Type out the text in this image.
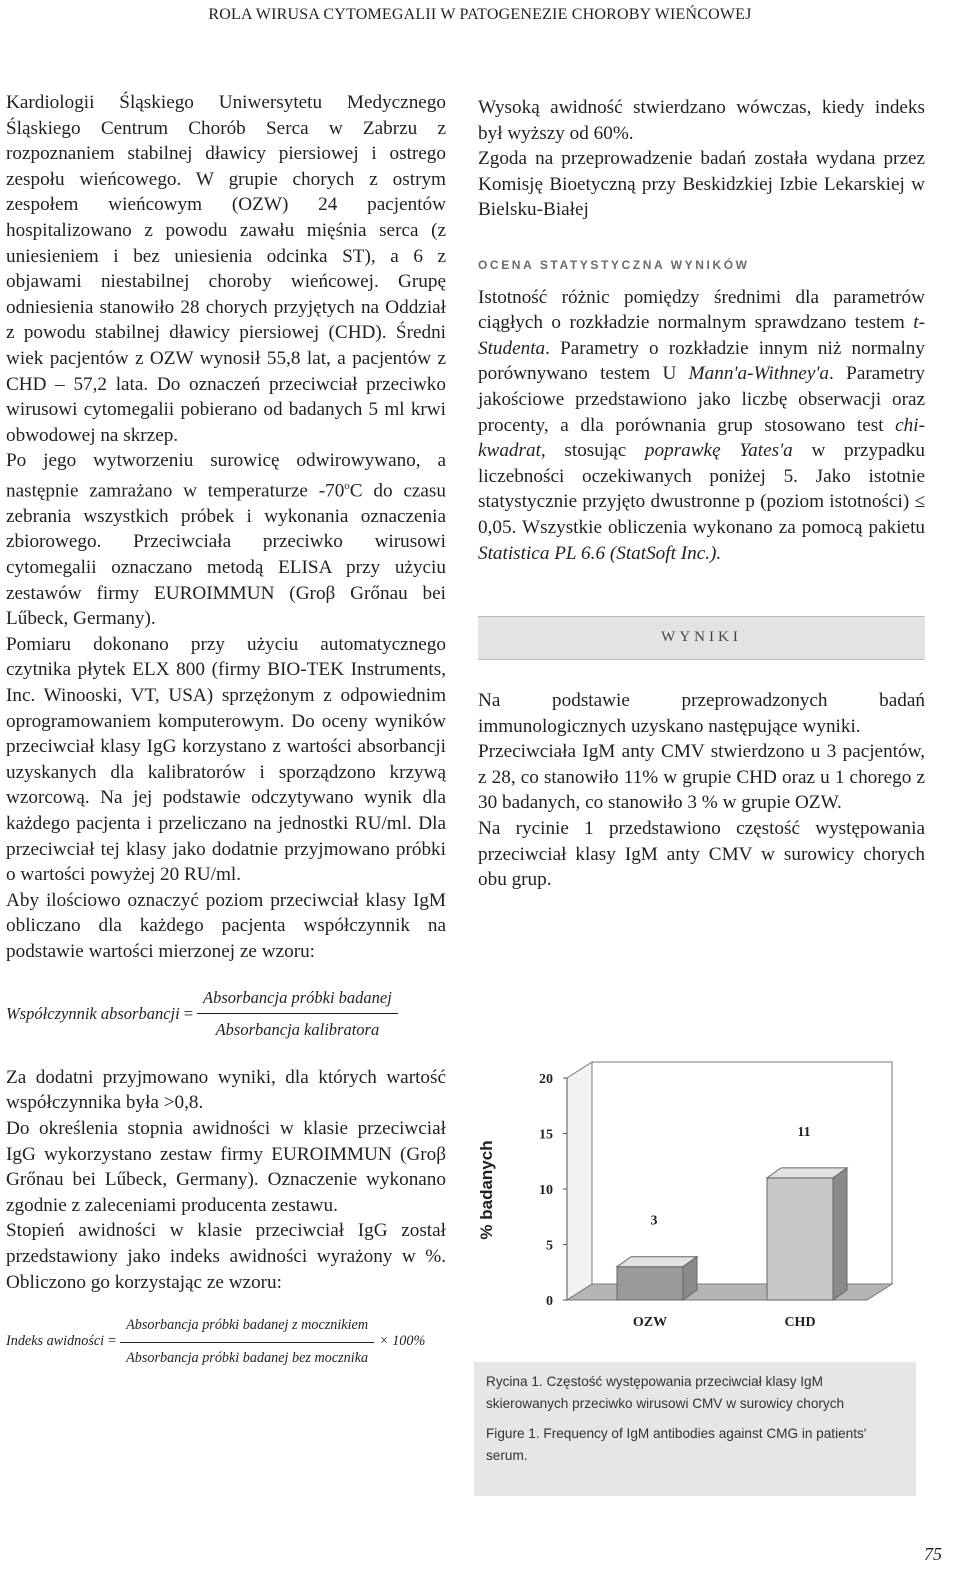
ROLA WIRUSA CYTOMEGALII W PATOGENEZIE CHOROBY WIEŃCOWEJ

Kardiologii Śląskiego Uniwersytetu Medycznego Śląskiego Centrum Chorób Serca w Zabrzu z rozpoznaniem stabilnej dławicy piersiowej i ostrego zespołu wieńcowego. W grupie chorych z ostrym zespołem wieńcowym (OZW) 24 pacjentów hospitalizowano z powodu zawału mięśnia serca (z uniesieniem i bez uniesienia odcinka ST), a 6 z objawami niestabilnej choroby wieńcowej. Grupę odniesienia stanowiło 28 chorych przyjętych na Oddział z powodu stabilnej dławicy piersiowej (CHD). Średni wiek pacjentów z OZW wynosił 55,8 lat, a pacjentów z CHD – 57,2 lata. Do oznaczeń przeciwciał przeciwko wirusowi cytomegalii pobierano od badanych 5 ml krwi obwodowej na skrzep.

Po jego wytworzeniu surowicę odwirowywano, a następnie zamrażano w temperaturze -70$^o$C do czasu zebrania wszystkich próbek i wykonania oznaczenia zbiorowego. Przeciwciała przeciwko wirusowi cytomegalii oznaczano metodą ELISA przy użyciu zestawów firmy EUROIMMUN (Groβ Grőnau bei Lűbeck, Germany).

Pomiaru dokonano przy użyciu automatycznego czytnika płytek ELX 800 (firmy BIO-TEK Instruments, Inc. Winooski, VT, USA) sprzężonym z odpowiednim oprogramowaniem komputerowym. Do oceny wyników przeciwciał klasy IgG korzystano z wartości absorbancji uzyskanych dla kalibratorów i sporządzono krzywą wzorcową. Na jej podstawie odczytywano wynik dla każdego pacjenta i przeliczano na jednostki RU/ml. Dla przeciwciał tej klasy jako dodatnie przyjmowano próbki o wartości powyżej 20 RU/ml.

Aby ilościowo oznaczyć poziom przeciwciał klasy IgM obliczano dla każdego pacjenta współczynnik na podstawie wartości mierzonej ze wzoru:

Współczynnik absorbancji = $\frac{\text{Absorbancja próbki badanej}}{\text{Absorbancja kalibratora}}$

Za dodatni przyjmowano wyniki, dla których wartość współczynnika była >0,8.

Do określenia stopnia awidności w klasie przeciwciał IgG wykorzystano zestaw firmy EUROIMMUN (Groβ Grőnau bei Lűbeck, Germany). Oznaczenie wykonano zgodnie z zaleceniami producenta zestawu.

Stopień awidności w klasie przeciwciał IgG został przedstawiony jako indeks awidności wyrażony w %. Obliczono go korzystając ze wzoru:

Indeks awidności = $\frac{\text{Absorbancja próbki badanej z mocznikiem}}{\text{Absorbancja próbki badanej bez mocznika}} \times 100\%$

Wysoką awidność stwierdzano wówczas, kiedy indeks był wyższy od 60%.

Zgoda na przeprowadzenie badań została wydana przez Komisję Bioetyczną przy Beskidzkiej Izbie Lekarskiej w Bielsku-Białej

OCENA STATYSTYCZNA WYNIKÓW

Istotność różnic pomiędzy średnimi dla parametrów ciągłych o rozkładzie normalnym sprawdzano testem t-Studenta. Parametry o rozkładzie innym niż normalny porównywano testem U Mann'a-Withney'a. Parametry jakościowe przedstawiono jako liczbę obserwacji oraz procenty, a dla porównania grup stosowano test chi-kwadrat, stosując poprawkę Yates'a w przypadku liczebności oczekiwanych poniżej 5. Jako istotnie statystycznie przyjęto dwustronne p (poziom istotności) ≤ 0,05. Wszystkie obliczenia wykonano za pomocą pakietu Statistica PL 6.6 (StatSoft Inc.).

WYNIKI

Na podstawie przeprowadzonych badań immunologicznych uzyskano następujące wyniki.

Przeciwciała IgM anty CMV stwierdzono u 3 pacjentów, z 28, co stanowiło 11% w grupie CHD oraz u 1 chorego z 30 badanych, co stanowiło 3 % w grupie OZW.

Na rycinie 1 przedstawiono częstość występowania przeciwciał klasy IgM anty CMV w surowicy chorych obu grup.

0
5
10
15
20
3
OZW
11
CHD
% badanych

Rycina 1. Częstość występowania przeciwciał klasy IgM skierowanych przeciwko wirusowi CMV w surowicy chorych

Figure 1. Frequency of IgM antibodies against CMG in patients' serum.

75
